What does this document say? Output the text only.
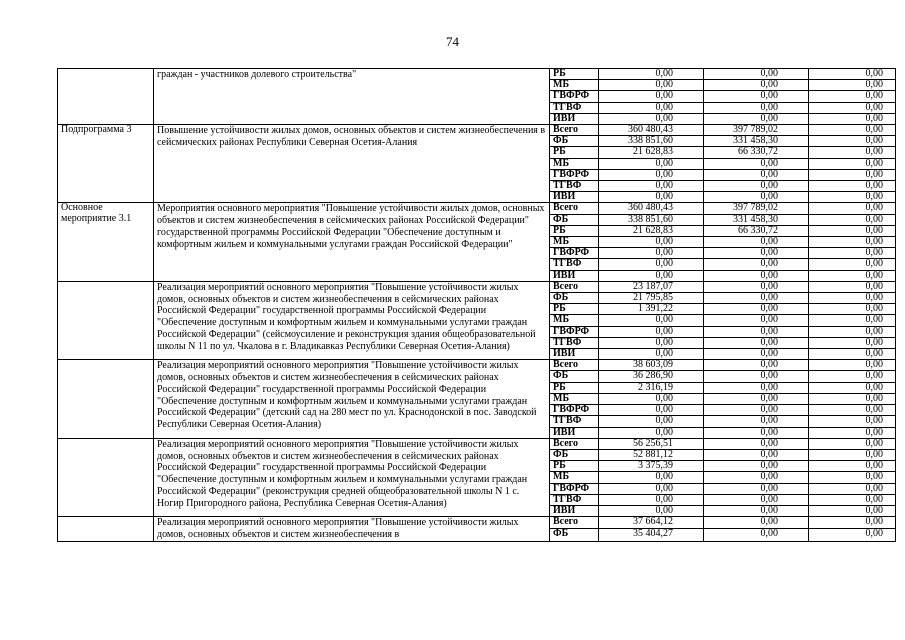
74
	граждан - участников долевого строительства"	РБ	0,00	0,00	0,00
		МБ	0,00	0,00	0,00
		ГВФРФ	0,00	0,00	0,00
		ТГВФ	0,00	0,00	0,00
		ИВИ	0,00	0,00	0,00
Подпрограмма 3	Повышение устойчивости жилых домов, основных объектов и систем жизнеобеспечения в сейсмических районах Республики Северная Осетия-Алания	Всего	360 480,43	397 789,02	0,00
		ФБ	338 851,60	331 458,30	0,00
		РБ	21 628,83	66 330,72	0,00
		МБ	0,00	0,00	0,00
		ГВФРФ	0,00	0,00	0,00
		ТГВФ	0,00	0,00	0,00
		ИВИ	0,00	0,00	0,00
Основное мероприятие 3.1	Мероприятия основного мероприятия "Повышение устойчивости жилых домов, основных объектов и систем жизнеобеспечения в сейсмических районах Российской Федерации" государственной программы Российской Федерации "Обеспечение доступным и комфортным жильем и коммунальными услугами граждан Российской Федерации"	Всего	360 480,43	397 789,02	0,00
		ФБ	338 851,60	331 458,30	0,00
		РБ	21 628,83	66 330,72	0,00
		МБ	0,00	0,00	0,00
		ГВФРФ	0,00	0,00	0,00
		ТГВФ	0,00	0,00	0,00
		ИВИ	0,00	0,00	0,00
	Реализация мероприятий основного мероприятия "Повышение устойчивости жилых домов, основных объектов и систем жизнеобеспечения в сейсмических районах Российской Федерации" государственной программы Российской Федерации "Обеспечение доступным и комфортным жильем и коммунальными услугами граждан Российской Федерации" (сейсмоусиление и реконструкция здания общеобразовательной школы N 11 по ул. Чкалова в г. Владикавказ Республики Северная Осетия-Алания)	Всего	23 187,07	0,00	0,00
		ФБ	21 795,85	0,00	0,00
		РБ	1 391,22	0,00	0,00
		МБ	0,00	0,00	0,00
		ГВФРФ	0,00	0,00	0,00
		ТГВФ	0,00	0,00	0,00
		ИВИ	0,00	0,00	0,00
	Реализация мероприятий основного мероприятия "Повышение устойчивости жилых домов, основных объектов и систем жизнеобеспечения в сейсмических районах Российской Федерации" государственной программы Российской Федерации "Обеспечение доступным и комфортным жильем и коммунальными услугами граждан Российской Федерации" (детский сад на 280 мест по ул. Краснодонской в пос. Заводской Республики Северная Осетия-Алания)	Всего	38 603,09	0,00	0,00
		ФБ	36 286,90	0,00	0,00
		РБ	2 316,19	0,00	0,00
		МБ	0,00	0,00	0,00
		ГВФРФ	0,00	0,00	0,00
		ТГВФ	0,00	0,00	0,00
		ИВИ	0,00	0,00	0,00
	Реализация мероприятий основного мероприятия "Повышение устойчивости жилых домов, основных объектов и систем жизнеобеспечения в сейсмических районах Российской Федерации" государственной программы Российской Федерации "Обеспечение доступным и комфортным жильем и коммунальными услугами граждан Российской Федерации" (реконструкция средней общеобразовательной школы N 1 с. Ногир Пригородного района, Республика Северная Осетия-Алания)	Всего	56 256,51	0,00	0,00
		ФБ	52 881,12	0,00	0,00
		РБ	3 375,39	0,00	0,00
		МБ	0,00	0,00	0,00
		ГВФРФ	0,00	0,00	0,00
		ТГВФ	0,00	0,00	0,00
		ИВИ	0,00	0,00	0,00
	Реализация мероприятий основного мероприятия "Повышение устойчивости жилых домов, основных объектов и систем жизнеобеспечения в	Всего	37 664,12	0,00	0,00
		ФБ	35 404,27	0,00	0,00
